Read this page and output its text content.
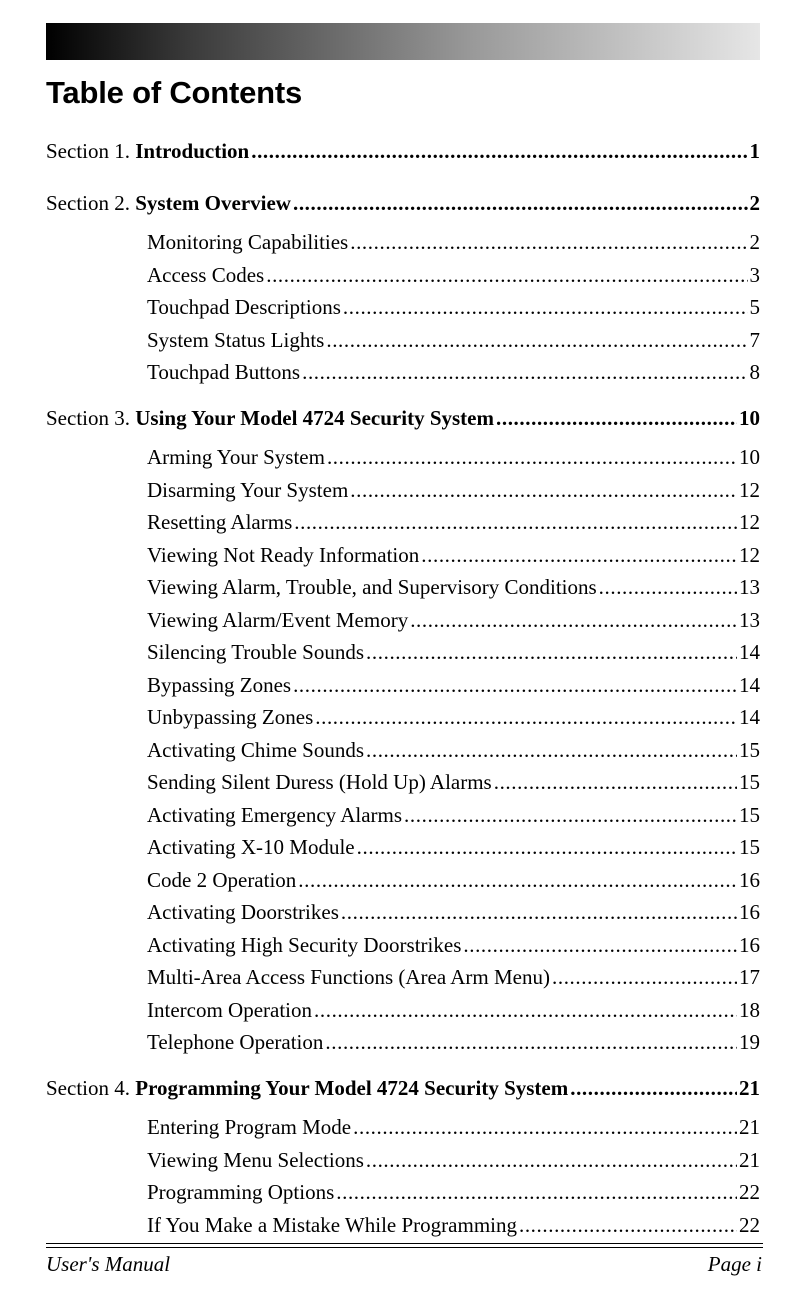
Table of Contents
Section 1. Introduction .....	1
Section 2. System Overview .....	2
Monitoring Capabilities .....	2
Access Codes .....	3
Touchpad Descriptions .....	5
System Status Lights .....	7
Touchpad Buttons .....	8
Section 3. Using Your Model 4724 Security System .....	10
Arming Your System .....	10
Disarming Your System .....	12
Resetting Alarms .....	12
Viewing Not Ready Information .....	12
Viewing Alarm, Trouble, and Supervisory Conditions .....	13
Viewing Alarm/Event Memory .....	13
Silencing Trouble Sounds .....	14
Bypassing Zones .....	14
Unbypassing Zones .....	14
Activating Chime Sounds .....	15
Sending Silent Duress (Hold Up) Alarms .....	15
Activating Emergency Alarms .....	15
Activating X-10 Module .....	15
Code 2 Operation .....	16
Activating Doorstrikes .....	16
Activating High Security Doorstrikes .....	16
Multi-Area Access Functions (Area Arm Menu) .....	17
Intercom Operation .....	18
Telephone Operation .....	19
Section 4. Programming Your Model 4724 Security System .....	21
Entering Program Mode .....	21
Viewing Menu Selections .....	21
Programming Options .....	22
If You Make a Mistake While Programming .....	22
User's Manual	Page i
